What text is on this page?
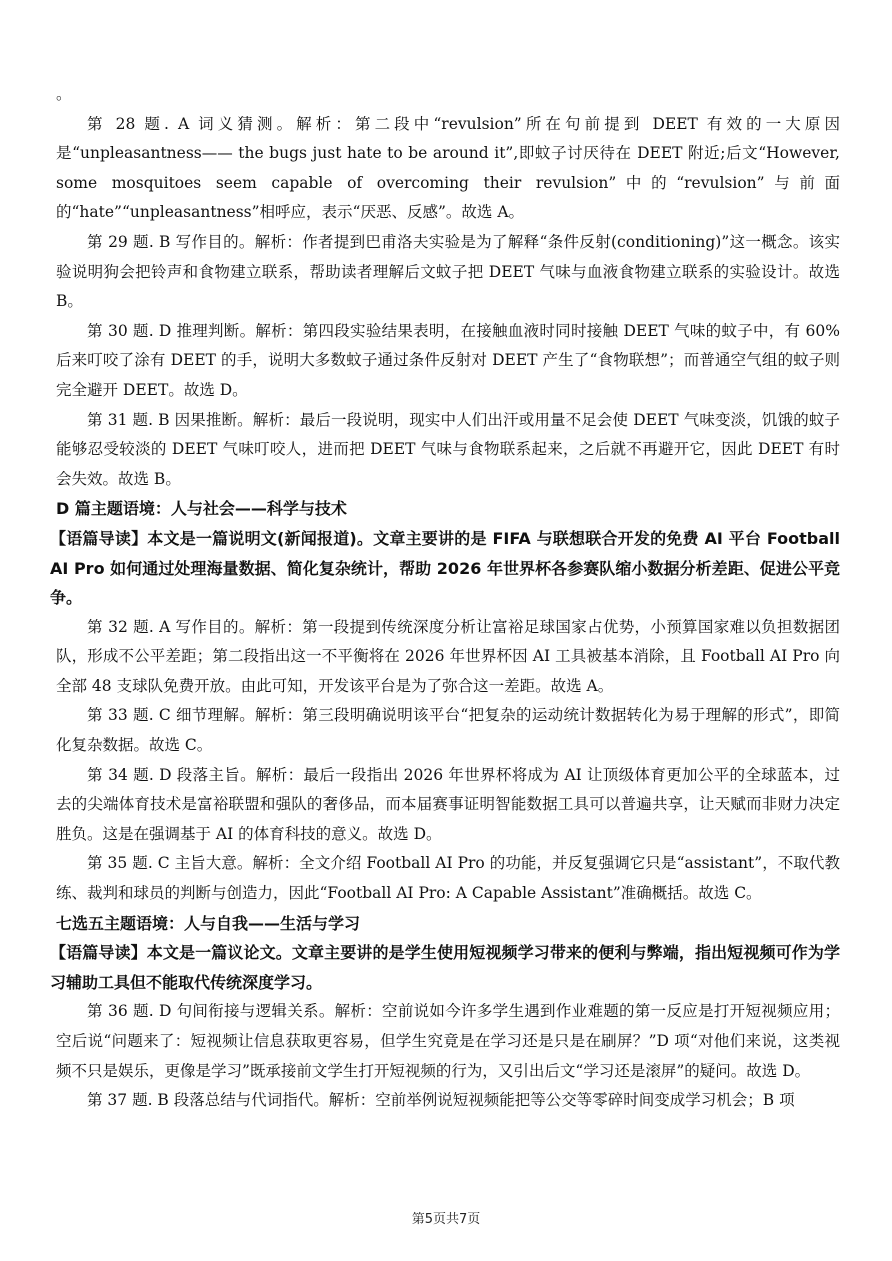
。

第 28 题. A 词义猜测。解析：第二段中“revulsion”所在句前提到 DEET 有效的一大原因是“unpleasantness—— the bugs just hate to be around it”,即蚊子讨厌待在 DEET 附近;后文“However, some mosquitoes seem capable of overcoming their revulsion”中的“revulsion”与前面的“hate”“unpleasantness”相呼应，表示“厌恶、反感”。故选 A。

第 29 题. B 写作目的。解析：作者提到巴甫洛夫实验是为了解释“条件反射(conditioning)”这一概念。该实验说明狗会把铃声和食物建立联系，帮助读者理解后文蚊子把 DEET 气味与血液食物建立联系的实验设计。故选 B。

第 30 题. D 推理判断。解析：第四段实验结果表明，在接触血液时同时接触 DEET 气味的蚊子中，有 60%后来叮咬了涂有 DEET 的手，说明大多数蚊子通过条件反射对 DEET 产生了“食物联想”；而普通空气组的蚊子则完全避开 DEET。故选 D。

第 31 题. B 因果推断。解析：最后一段说明，现实中人们出汗或用量不足会使 DEET 气味变淡，饥饿的蚊子能够忍受较淡的 DEET 气味叮咬人，进而把 DEET 气味与食物联系起来，之后就不再避开它，因此 DEET 有时会失效。故选 B。

D 篇主题语境：人与社会——科学与技术

【语篇导读】本文是一篇说明文(新闻报道)。文章主要讲的是 FIFA 与联想联合开发的免费 AI 平台 Football AI Pro 如何通过处理海量数据、简化复杂统计，帮助 2026 年世界杯各参赛队缩小数据分析差距、促进公平竞争。

第 32 题. A 写作目的。解析：第一段提到传统深度分析让富裕足球国家占优势，小预算国家难以负担数据团队，形成不公平差距；第二段指出这一不平衡将在 2026 年世界杯因 AI 工具被基本消除，且 Football AI Pro 向全部 48 支球队免费开放。由此可知，开发该平台是为了弥合这一差距。故选 A。

第 33 题. C 细节理解。解析：第三段明确说明该平台“把复杂的运动统计数据转化为易于理解的形式”，即简化复杂数据。故选 C。

第 34 题. D 段落主旨。解析：最后一段指出 2026 年世界杯将成为 AI 让顶级体育更加公平的全球蓝本，过去的尖端体育技术是富裕联盟和强队的奢侈品，而本届赛事证明智能数据工具可以普遍共享，让天赋而非财力决定胜负。这是在强调基于 AI 的体育科技的意义。故选 D。

第 35 题. C 主旨大意。解析：全文介绍 Football AI Pro 的功能，并反复强调它只是“assistant”，不取代教练、裁判和球员的判断与创造力，因此“Football AI Pro: A Capable Assistant”准确概括。故选 C。

七选五主题语境：人与自我——生活与学习

【语篇导读】本文是一篇议论文。文章主要讲的是学生使用短视频学习带来的便利与弊端，指出短视频可作为学习辅助工具但不能取代传统深度学习。

第 36 题. D 句间衔接与逻辑关系。解析：空前说如今许多学生遇到作业难题的第一反应是打开短视频应用；空后说“问题来了：短视频让信息获取更容易，但学生究竟是在学习还是只是在刷屏？”D 项“对他们来说，这类视频不只是娱乐，更像是学习”既承接前文学生打开短视频的行为，又引出后文“学习还是滚屏”的疑问。故选 D。

第 37 题. B 段落总结与代词指代。解析：空前举例说短视频能把等公交等零碎时间变成学习机会；B 项

第5页共7页
